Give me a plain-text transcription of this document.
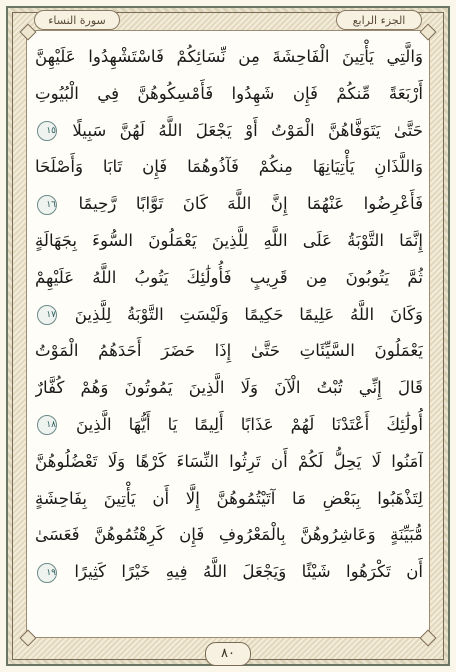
الجزء الرابع
سورة النساء
وَالَّتِي يَأْتِينَ الْفَاحِشَةَ مِن نِّسَائِكُمْ فَاسْتَشْهِدُوا عَلَيْهِنَّ
أَرْبَعَةً مِّنكُمْ فَإِن شَهِدُوا فَأَمْسِكُوهُنَّ فِي الْبُيُوتِ
حَتَّىٰ يَتَوَفَّاهُنَّ الْمَوْتُ أَوْ يَجْعَلَ اللَّهُ لَهُنَّ سَبِيلًا ١٥
وَاللَّذَانِ يَأْتِيَانِهَا مِنكُمْ فَآذُوهُمَا فَإِن تَابَا وَأَصْلَحَا
فَأَعْرِضُوا عَنْهُمَا إِنَّ اللَّهَ كَانَ تَوَّابًا رَّحِيمًا ١٦
إِنَّمَا التَّوْبَةُ عَلَى اللَّهِ لِلَّذِينَ يَعْمَلُونَ السُّوءَ بِجَهَالَةٍ
ثُمَّ يَتُوبُونَ مِن قَرِيبٍ فَأُولَٰئِكَ يَتُوبُ اللَّهُ عَلَيْهِمْ
وَكَانَ اللَّهُ عَلِيمًا حَكِيمًا وَلَيْسَتِ التَّوْبَةُ لِلَّذِينَ ١٧
يَعْمَلُونَ السَّيِّئَاتِ حَتَّىٰ إِذَا حَضَرَ أَحَدَهُمُ الْمَوْتُ
قَالَ إِنِّي تُبْتُ الْآنَ وَلَا الَّذِينَ يَمُوتُونَ وَهُمْ كُفَّارٌ
أُولَٰئِكَ أَعْتَدْنَا لَهُمْ عَذَابًا أَلِيمًا يَا أَيُّهَا الَّذِينَ ١٨
آمَنُوا لَا يَحِلُّ لَكُمْ أَن تَرِثُوا النِّسَاءَ كَرْهًا وَلَا تَعْضُلُوهُنَّ
لِتَذْهَبُوا بِبَعْضِ مَا آتَيْتُمُوهُنَّ إِلَّا أَن يَأْتِينَ بِفَاحِشَةٍ
مُّبَيِّنَةٍ وَعَاشِرُوهُنَّ بِالْمَعْرُوفِ فَإِن كَرِهْتُمُوهُنَّ فَعَسَىٰ
أَن تَكْرَهُوا شَيْئًا وَيَجْعَلَ اللَّهُ فِيهِ خَيْرًا كَثِيرًا ١٩
٨٠
